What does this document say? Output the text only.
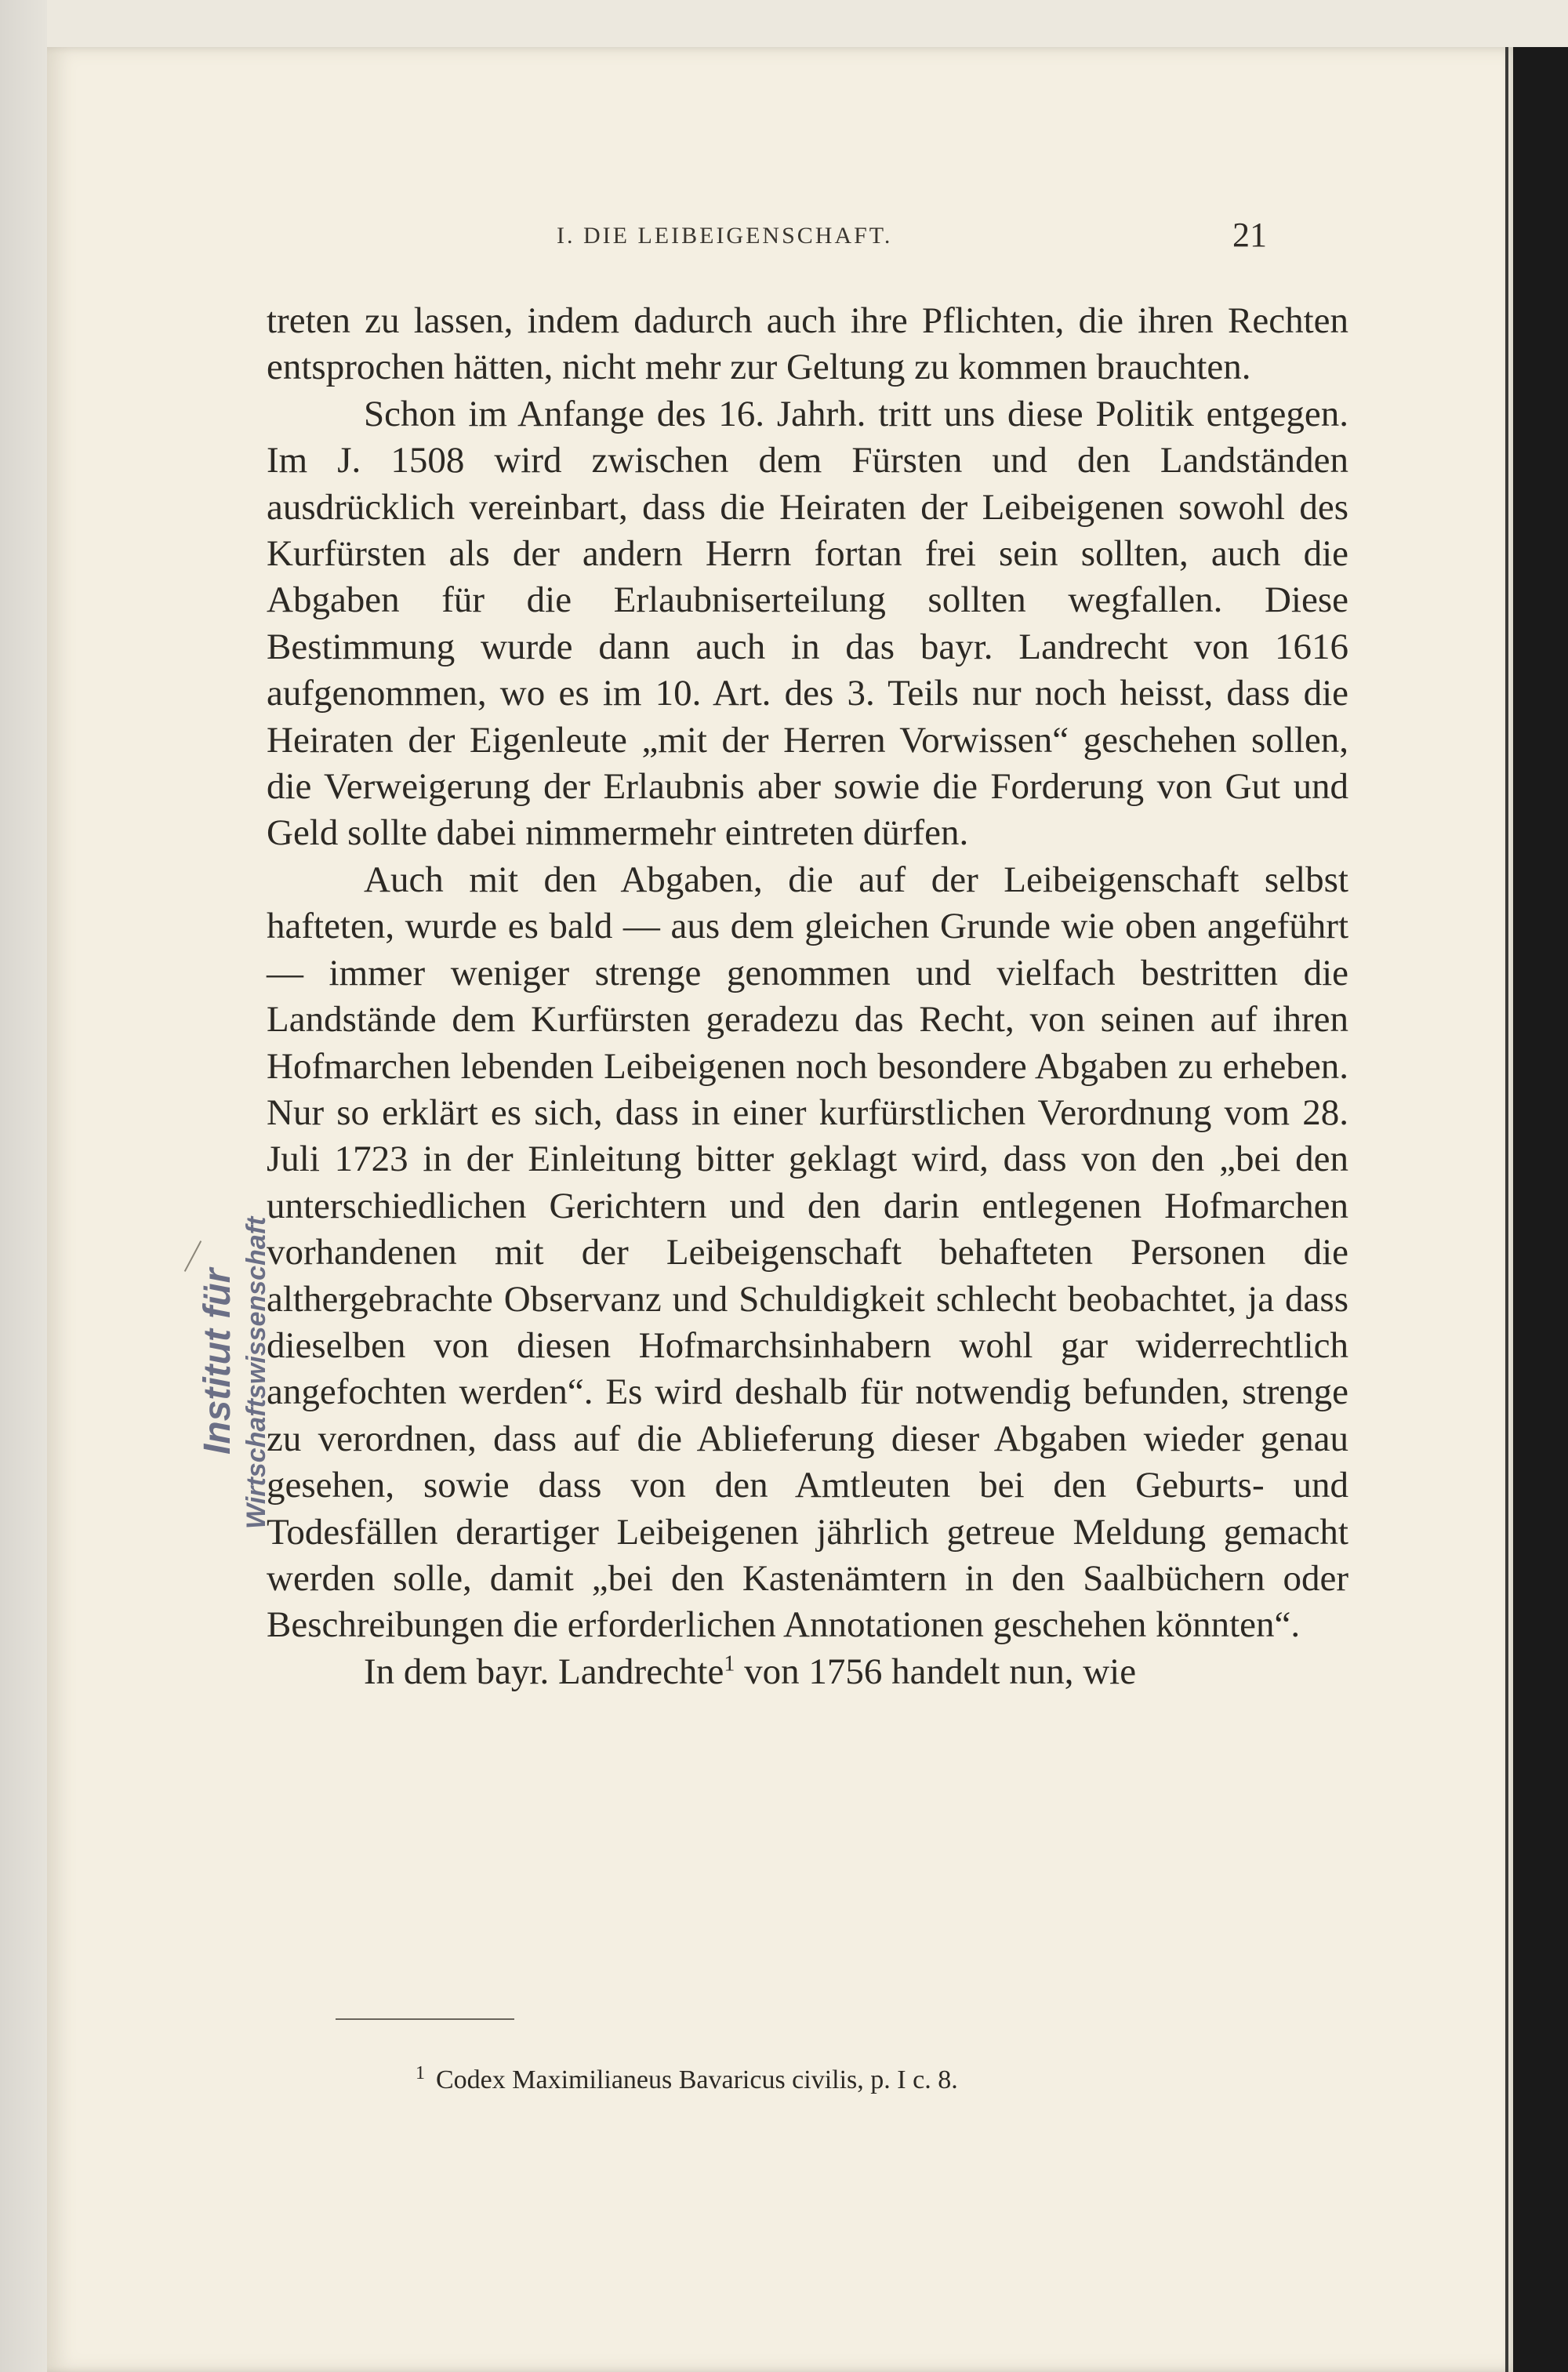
I. DIE LEIBEIGENSCHAFT.	21
Institut für Wirtschaftswissenschaft

treten zu lassen, indem dadurch auch ihre Pflichten, die ihren Rechten entsprochen hätten, nicht mehr zur Geltung zu kommen brauchten.

Schon im Anfange des 16. Jahrh. tritt uns diese Politik entgegen. Im J. 1508 wird zwischen dem Fürsten und den Landständen ausdrücklich vereinbart, dass die Heiraten der Leibeigenen sowohl des Kurfürsten als der andern Herrn fortan frei sein sollten, auch die Abgaben für die Erlaubniserteilung sollten wegfallen. Diese Bestimmung wurde dann auch in das bayr. Landrecht von 1616 aufgenommen, wo es im 10. Art. des 3. Teils nur noch heisst, dass die Heiraten der Eigenleute „mit der Herren Vorwissen“ geschehen sollen, die Verweigerung der Erlaubnis aber sowie die Forderung von Gut und Geld sollte dabei nimmermehr eintreten dürfen.

Auch mit den Abgaben, die auf der Leibeigenschaft selbst hafteten, wurde es bald — aus dem gleichen Grunde wie oben angeführt — immer weniger strenge genommen und vielfach bestritten die Landstände dem Kurfürsten geradezu das Recht, von seinen auf ihren Hofmarchen lebenden Leibeigenen noch besondere Abgaben zu erheben. Nur so erklärt es sich, dass in einer kurfürstlichen Verordnung vom 28. Juli 1723 in der Einleitung bitter geklagt wird, dass von den „bei den unterschiedlichen Gerichtern und den darin entlegenen Hofmarchen vorhandenen mit der Leibeigenschaft behafteten Personen die althergebrachte Observanz und Schuldigkeit schlecht beobachtet, ja dass dieselben von diesen Hofmarchsinhabern wohl gar widerrechtlich angefochten werden“. Es wird deshalb für notwendig befunden, strenge zu verordnen, dass auf die Ablieferung dieser Abgaben wieder genau gesehen, sowie dass von den Amtleuten bei den Geburts- und Todesfällen derartiger Leibeigenen jährlich getreue Meldung gemacht werden solle, damit „bei den Kastenämtern in den Saalbüchern oder Beschreibungen die erforderlichen Annotationen geschehen könnten“.

In dem bayr. Landrechte$^1$ von 1756 handelt nun, wie

$^1$ Codex Maximilianeus Bavaricus civilis, p. I c. 8.
